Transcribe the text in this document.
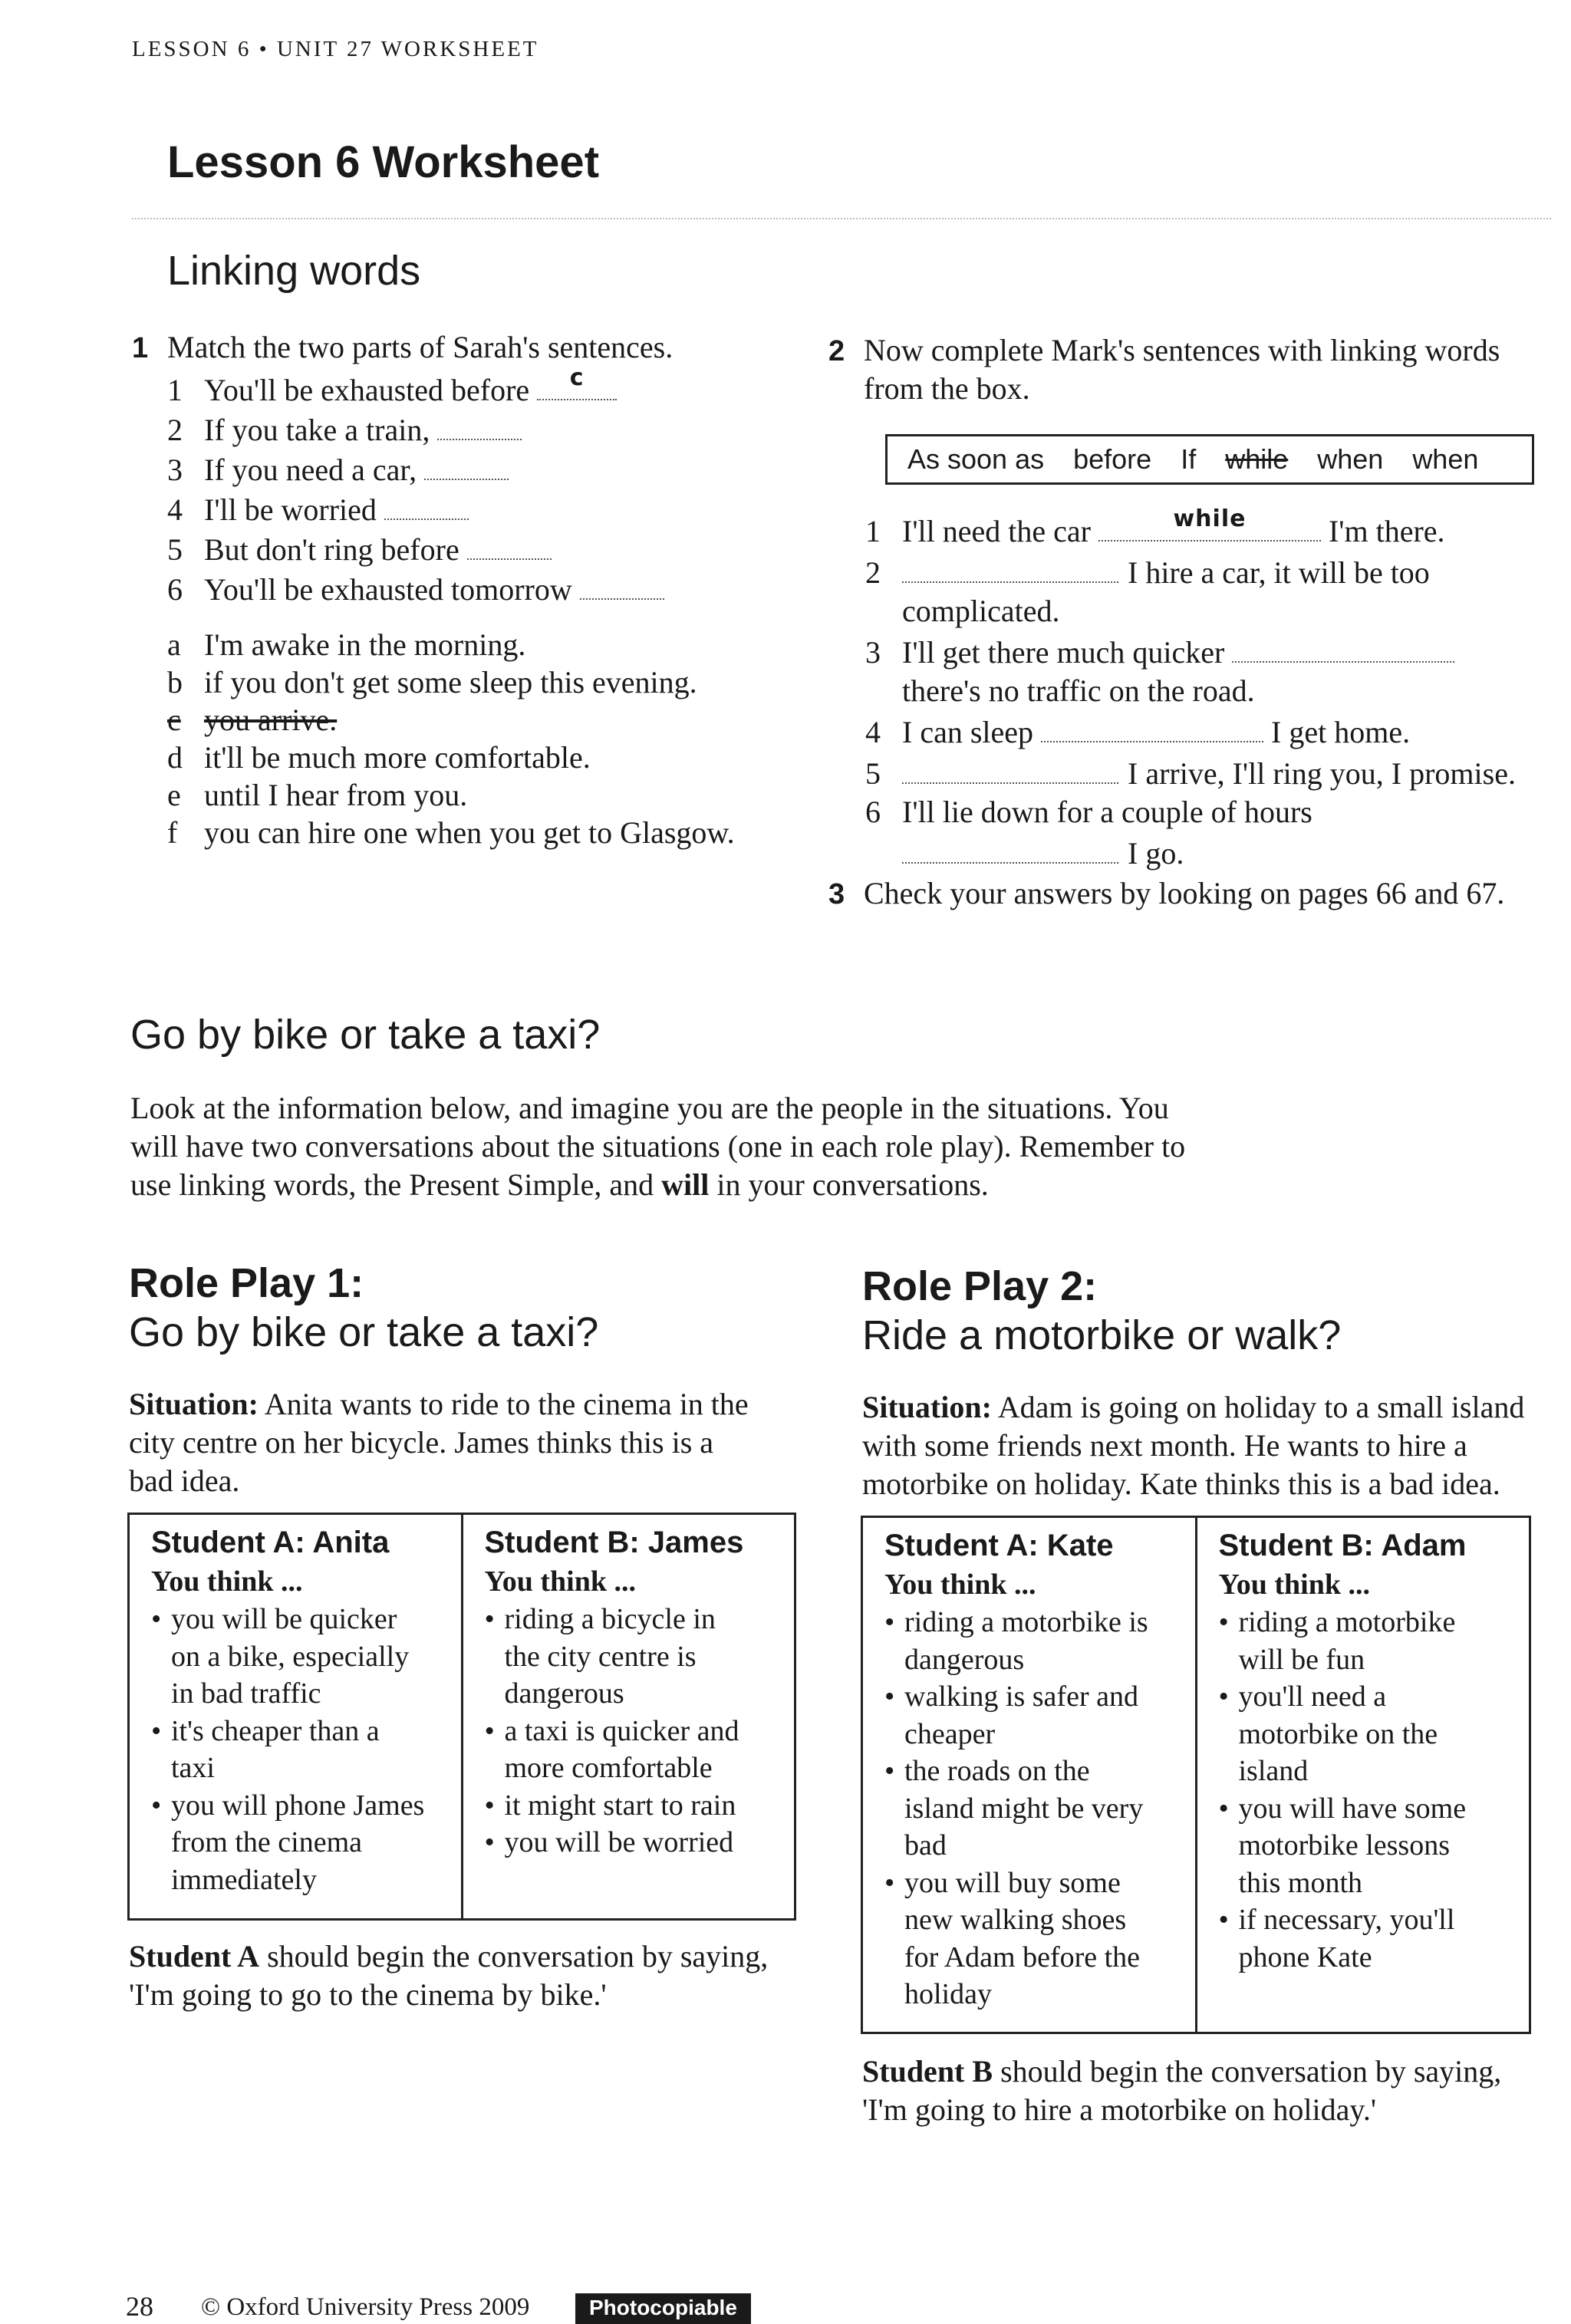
LESSON 6 • UNIT 27 WORKSHEET
Lesson 6 Worksheet
Linking words
1 Match the two parts of Sarah's sentences.
1 You'll be exhausted before	c
2 If you take a train,
3 If you need a car,
4 I'll be worried
5 But don't ring before
6 You'll be exhausted tomorrow
a I'm awake in the morning.
b if you don't get some sleep this evening.
c you arrive.
d it'll be much more comfortable.
e until I hear from you.
f you can hire one when you get to Glasgow.
2 Now complete Mark's sentences with linking words
from the box.
As soon as before If while when when
1 I'll need the car	while	I'm there.
2	I hire a car, it will be too
complicated.
3 I'll get there much quicker
there's no traffic on the road.
4 I can sleep	I get home.
5	I arrive, I'll ring you, I promise.
6 I'll lie down for a couple of hours
I go.
3 Check your answers by looking on pages 66 and 67.
Go by bike or take a taxi?
Look at the information below, and imagine you are the people in the situations. You
will have two conversations about the situations (one in each role play). Remember to
use linking words, the Present Simple, and will in your conversations.
Role Play 1:
Go by bike or take a taxi?
Situation: Anita wants to ride to the cinema in the
city centre on her bicycle. James thinks this is a
bad idea.
Student A: Anita
You think ...
• you will be quicker
on a bike, especially
in bad traffic
• it's cheaper than a
taxi
• you will phone James
from the cinema
immediately

Student B: James
You think ...
• riding a bicycle in
the city centre is
dangerous
• a taxi is quicker and
more comfortable
• it might start to rain
• you will be worried
Student A should begin the conversation by saying,
'I'm going to go to the cinema by bike.'
Role Play 2:
Ride a motorbike or walk?
Situation: Adam is going on holiday to a small island
with some friends next month. He wants to hire a
motorbike on holiday. Kate thinks this is a bad idea.
Student A: Kate
You think ...
• riding a motorbike is
dangerous
• walking is safer and
cheaper
• the roads on the
island might be very
bad
• you will buy some
new walking shoes
for Adam before the
holiday

Student B: Adam
You think ...
• riding a motorbike
will be fun
• you'll need a
motorbike on the
island
• you will have some
motorbike lessons
this month
• if necessary, you'll
phone Kate
Student B should begin the conversation by saying,
'I'm going to hire a motorbike on holiday.'
28 © Oxford University Press 2009	Photocopiable
